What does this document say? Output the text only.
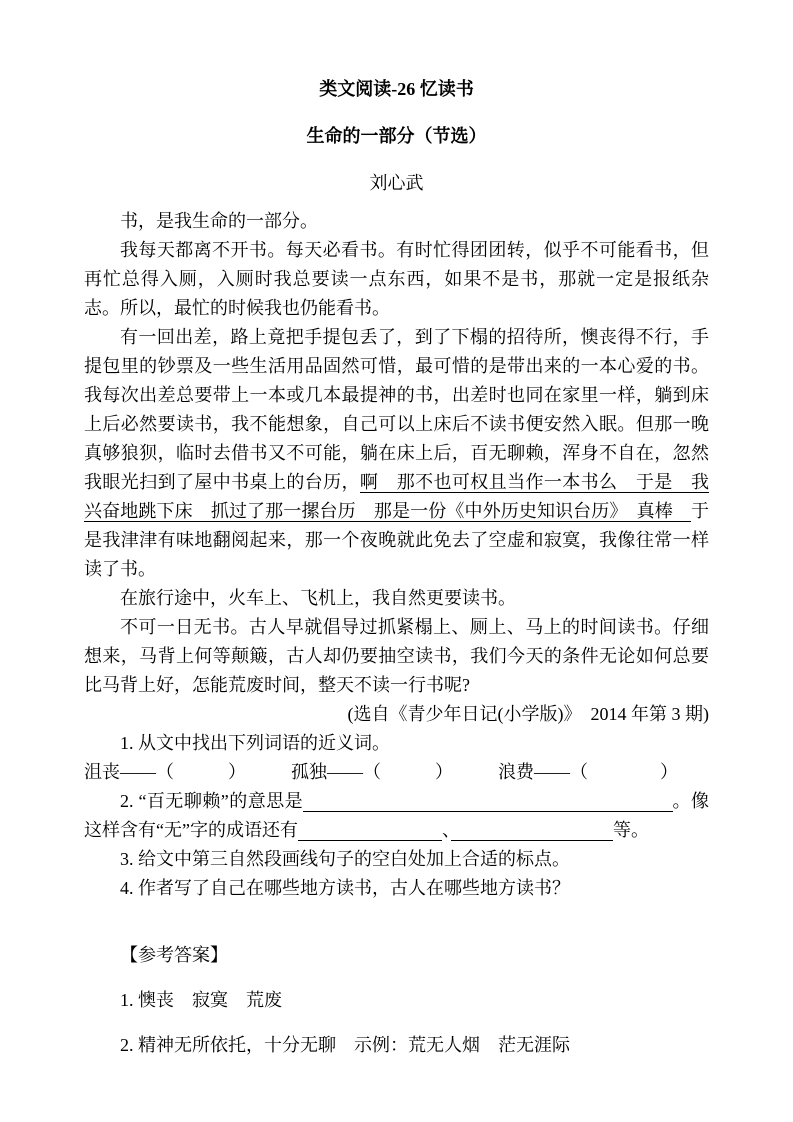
类文阅读-26 忆读书
生命的一部分（节选）
刘心武
书，是我生命的一部分。
我每天都离不开书。每天必看书。有时忙得团团转，似乎不可能看书，但再忙总得入厕，入厕时我总要读一点东西，如果不是书，那就一定是报纸杂志。所以，最忙的时候我也仍能看书。
有一回出差，路上竟把手提包丢了，到了下榻的招待所，懊丧得不行，手提包里的钞票及一些生活用品固然可惜，最可惜的是带出来的一本心爱的书。我每次出差总要带上一本或几本最提神的书，出差时也同在家里一样，躺到床上后必然要读书，我不能想象，自己可以上床后不读书便安然入眠。但那一晚真够狼狈，临时去借书又不可能，躺在床上后，百无聊赖，浑身不自在，忽然　我眼光扫到了屋中书桌上的台历，啊　那不也可权且当作一本书么　于是　我兴奋地跳下床　抓过了那一摞台历　那是一份《中外历史知识台历》　真棒　于是我津津有味地翻阅起来，那一个夜晚就此免去了空虚和寂寞，我像往常一样读了书。
在旅行途中，火车上、飞机上，我自然更要读书。
不可一日无书。古人早就倡导过抓紧榻上、厕上、马上的时间读书。仔细想来，马背上何等颠簸，古人却仍要抽空读书，我们今天的条件无论如何总要比马背上好，怎能荒废时间，整天不读一行书呢?
(选自《青少年日记(小学版)》　2014 年第 3 期)
1. 从文中找出下列词语的近义词。
沮丧——（　　　）　　　孤独——（　　　）　　　浪费——（　　　　）
2. “百无聊赖”的意思是　　　　　　　　　　　　　　　　　　　　	。像这样含有“无”字的成语还有　　　　　　　　	、　　　　　　　　　	等。
3. 给文中第三自然段画线句子的空白处加上合适的标点。
4. 作者写了自己在哪些地方读书，古人在哪些地方读书？
【参考答案】
1. 懊丧　寂寞　荒废
2. 精神无所依托，十分无聊　示例：荒无人烟　茫无涯际
